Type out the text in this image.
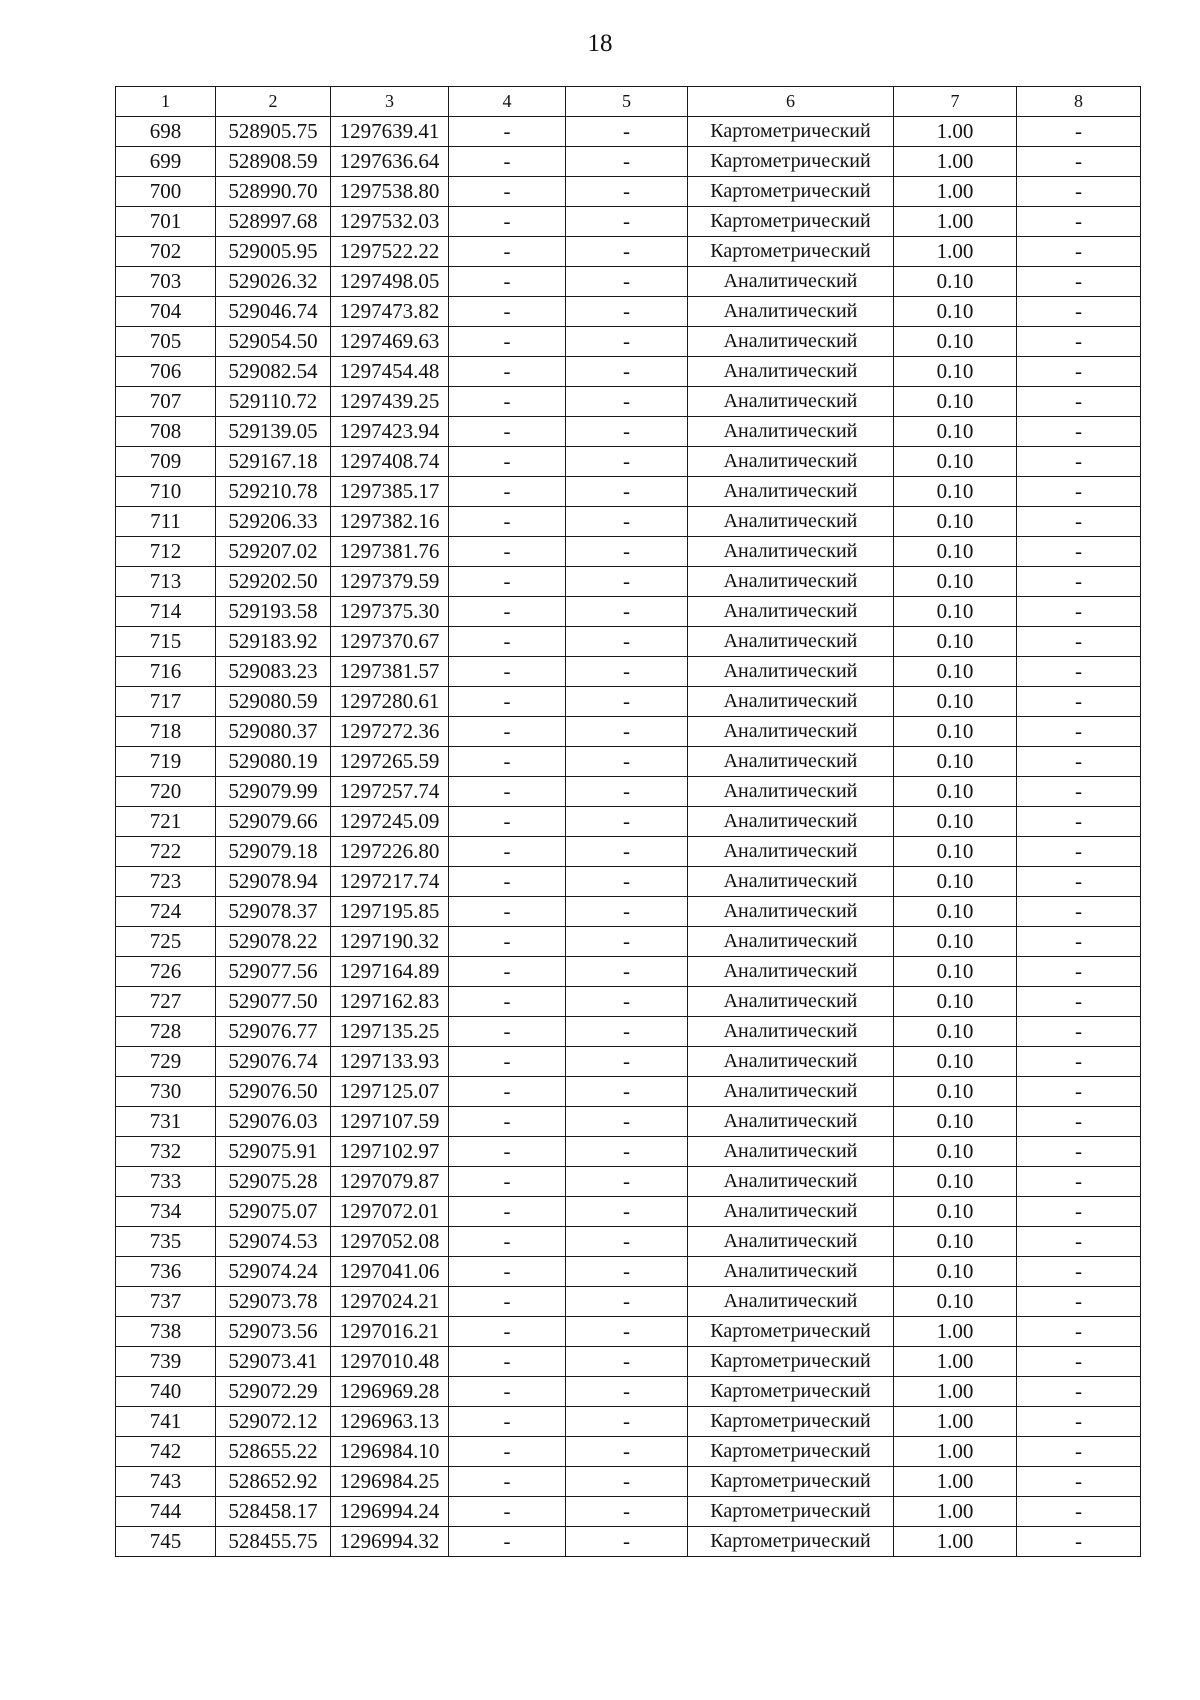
18
1	2	3	4	5	6	7	8
698	528905.75	1297639.41	-	-	Картометрический	1.00	-
699	528908.59	1297636.64	-	-	Картометрический	1.00	-
700	528990.70	1297538.80	-	-	Картометрический	1.00	-
701	528997.68	1297532.03	-	-	Картометрический	1.00	-
702	529005.95	1297522.22	-	-	Картометрический	1.00	-
703	529026.32	1297498.05	-	-	Аналитический	0.10	-
704	529046.74	1297473.82	-	-	Аналитический	0.10	-
705	529054.50	1297469.63	-	-	Аналитический	0.10	-
706	529082.54	1297454.48	-	-	Аналитический	0.10	-
707	529110.72	1297439.25	-	-	Аналитический	0.10	-
708	529139.05	1297423.94	-	-	Аналитический	0.10	-
709	529167.18	1297408.74	-	-	Аналитический	0.10	-
710	529210.78	1297385.17	-	-	Аналитический	0.10	-
711	529206.33	1297382.16	-	-	Аналитический	0.10	-
712	529207.02	1297381.76	-	-	Аналитический	0.10	-
713	529202.50	1297379.59	-	-	Аналитический	0.10	-
714	529193.58	1297375.30	-	-	Аналитический	0.10	-
715	529183.92	1297370.67	-	-	Аналитический	0.10	-
716	529083.23	1297381.57	-	-	Аналитический	0.10	-
717	529080.59	1297280.61	-	-	Аналитический	0.10	-
718	529080.37	1297272.36	-	-	Аналитический	0.10	-
719	529080.19	1297265.59	-	-	Аналитический	0.10	-
720	529079.99	1297257.74	-	-	Аналитический	0.10	-
721	529079.66	1297245.09	-	-	Аналитический	0.10	-
722	529079.18	1297226.80	-	-	Аналитический	0.10	-
723	529078.94	1297217.74	-	-	Аналитический	0.10	-
724	529078.37	1297195.85	-	-	Аналитический	0.10	-
725	529078.22	1297190.32	-	-	Аналитический	0.10	-
726	529077.56	1297164.89	-	-	Аналитический	0.10	-
727	529077.50	1297162.83	-	-	Аналитический	0.10	-
728	529076.77	1297135.25	-	-	Аналитический	0.10	-
729	529076.74	1297133.93	-	-	Аналитический	0.10	-
730	529076.50	1297125.07	-	-	Аналитический	0.10	-
731	529076.03	1297107.59	-	-	Аналитический	0.10	-
732	529075.91	1297102.97	-	-	Аналитический	0.10	-
733	529075.28	1297079.87	-	-	Аналитический	0.10	-
734	529075.07	1297072.01	-	-	Аналитический	0.10	-
735	529074.53	1297052.08	-	-	Аналитический	0.10	-
736	529074.24	1297041.06	-	-	Аналитический	0.10	-
737	529073.78	1297024.21	-	-	Аналитический	0.10	-
738	529073.56	1297016.21	-	-	Картометрический	1.00	-
739	529073.41	1297010.48	-	-	Картометрический	1.00	-
740	529072.29	1296969.28	-	-	Картометрический	1.00	-
741	529072.12	1296963.13	-	-	Картометрический	1.00	-
742	528655.22	1296984.10	-	-	Картометрический	1.00	-
743	528652.92	1296984.25	-	-	Картометрический	1.00	-
744	528458.17	1296994.24	-	-	Картометрический	1.00	-
745	528455.75	1296994.32	-	-	Картометрический	1.00	-
